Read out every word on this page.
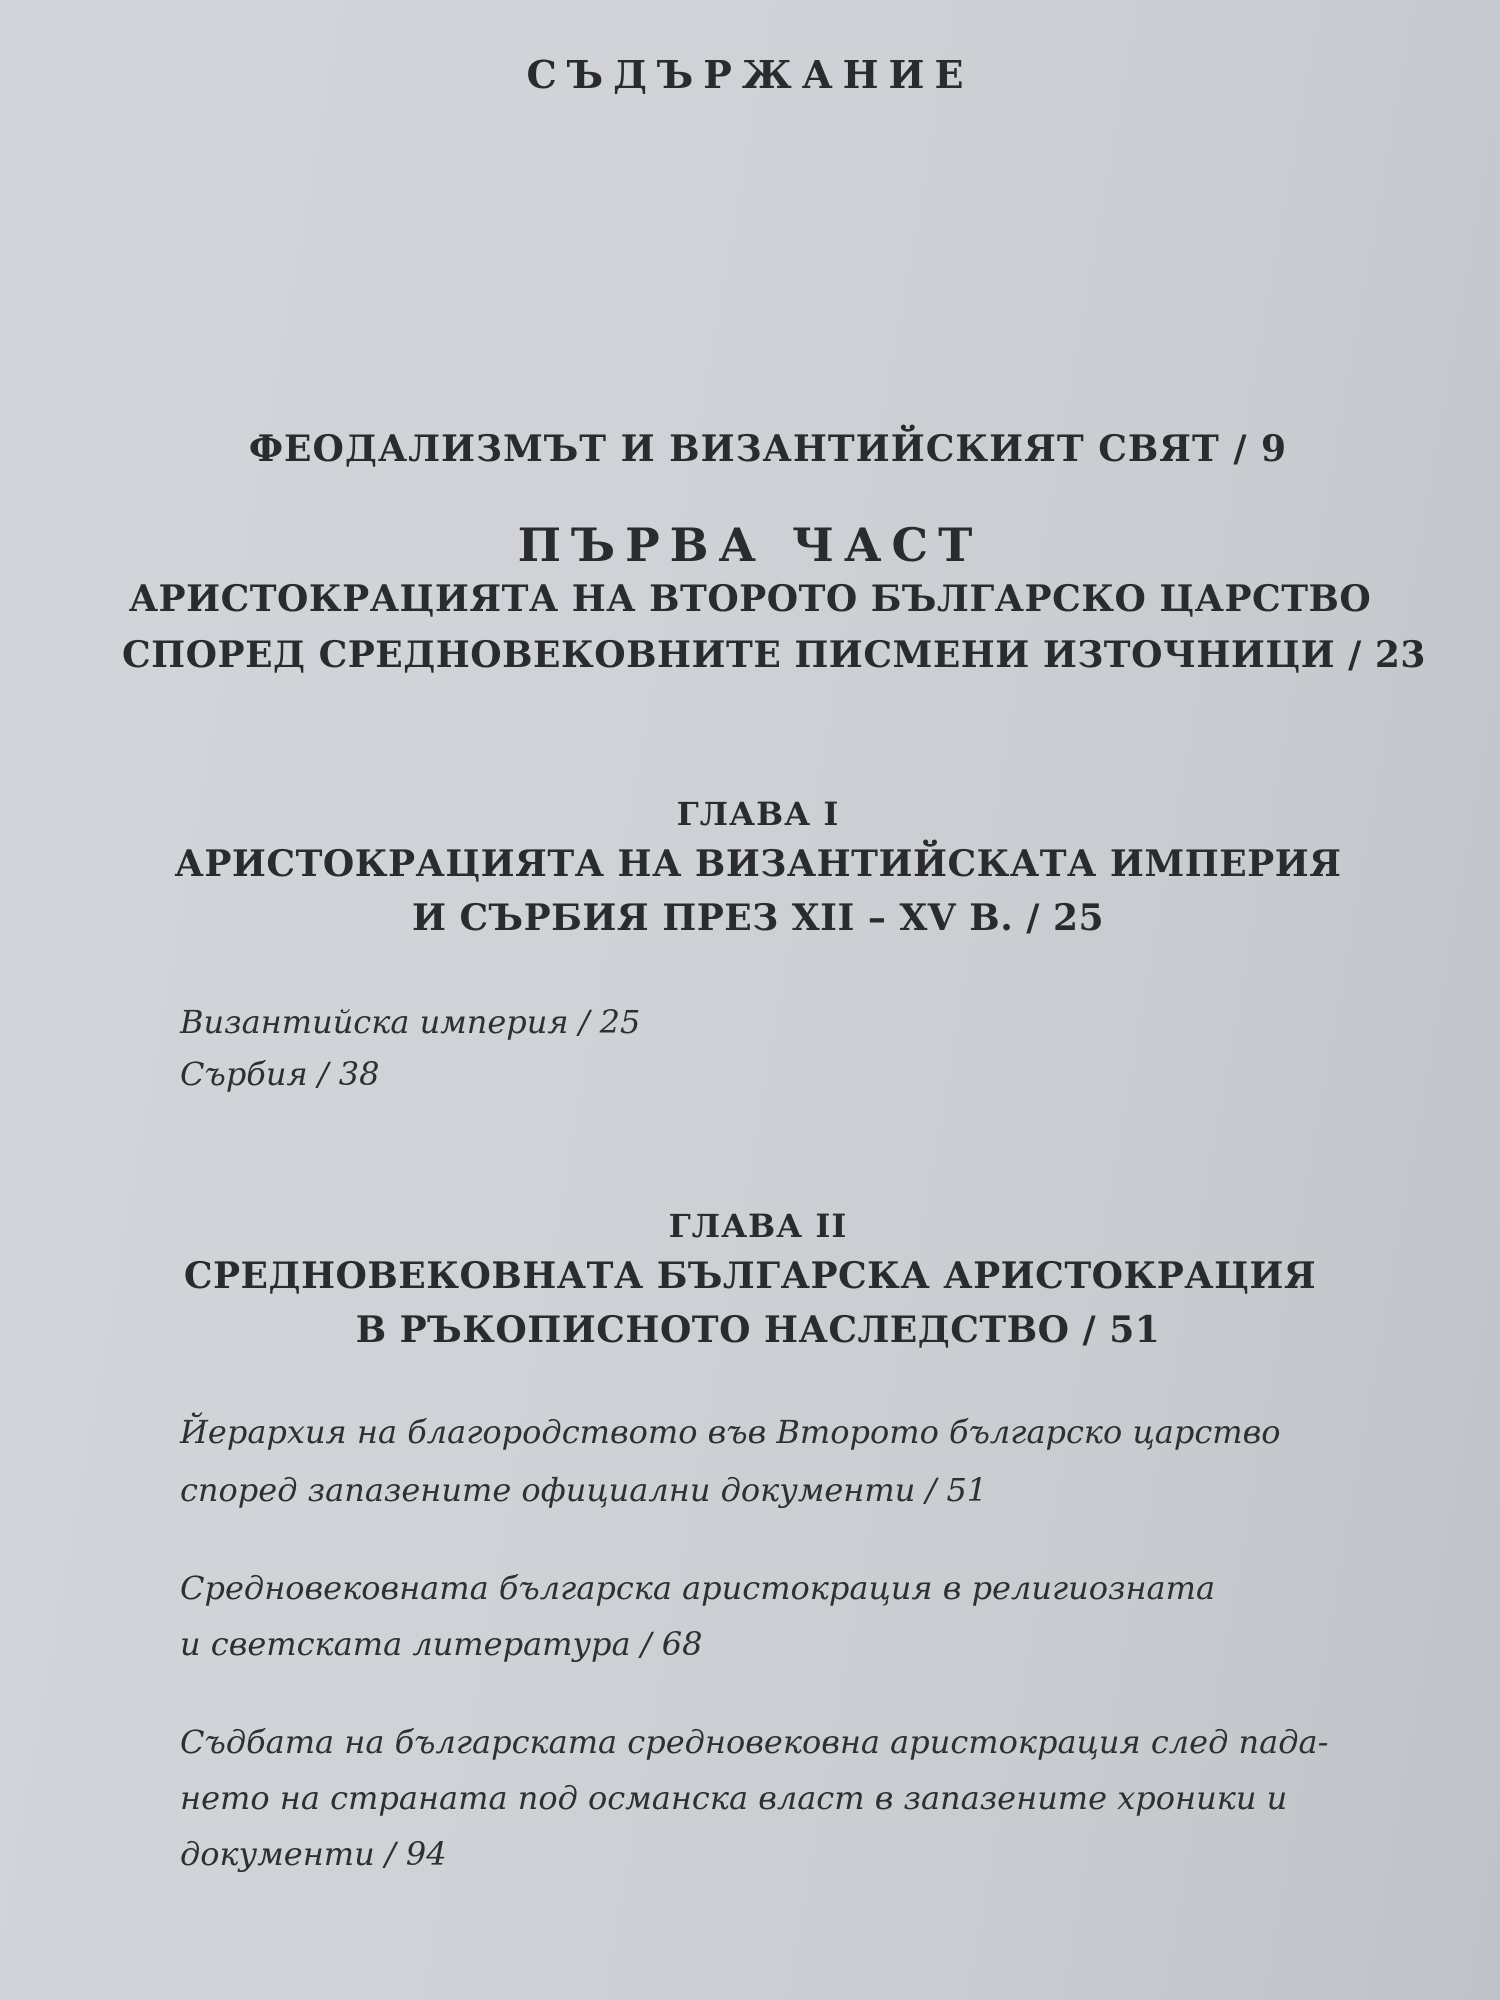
СЪДЪРЖАНИЕ
ФЕОДАЛИЗМЪТ И ВИЗАНТИЙСКИЯТ СВЯТ / 9
ПЪРВА ЧАСТ
АРИСТОКРАЦИЯТА НА ВТОРОТО БЪЛГАРСКО ЦАРСТВО
СПОРЕД СРЕДНОВЕКОВНИТЕ ПИСМЕНИ ИЗТОЧНИЦИ / 23
ГЛАВА I
АРИСТОКРАЦИЯТА НА ВИЗАНТИЙСКАТА ИМПЕРИЯ
И СЪРБИЯ ПРЕЗ XII – XV В. / 25
Византийска империя / 25
Сърбия / 38
ГЛАВА II
СРЕДНОВЕКОВНАТА БЪЛГАРСКА АРИСТОКРАЦИЯ
В РЪКОПИСНОТО НАСЛЕДСТВО / 51
Йерархия на благородството във Второто българско царство
според запазените официални документи / 51
Средновековната българска аристокрация в религиозната
и светската литература / 68
Съдбата на българската средновековна аристокрация след пада-
нето на страната под османска власт в запазените хроники и
документи / 94
